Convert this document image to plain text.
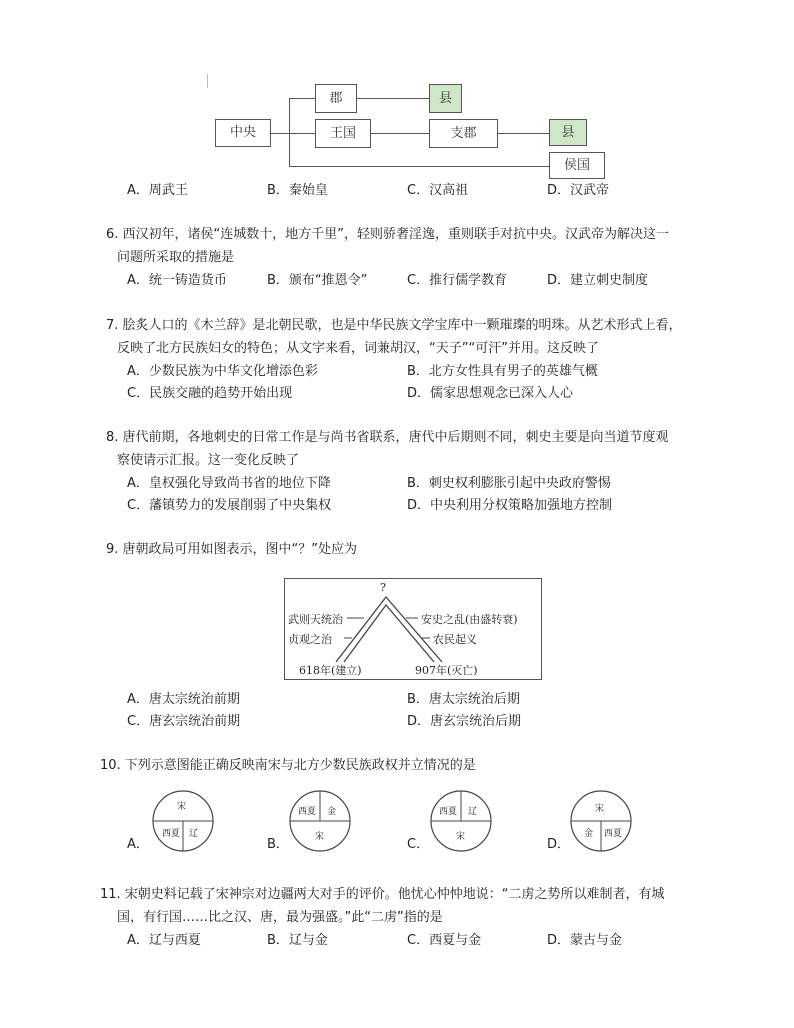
中央
郡	县
王国	支郡	县
侯国
A．周武王	B．秦始皇	C．汉高祖	D．汉武帝
6. 西汉初年，诸侯“连城数十，地方千里”，轻则骄奢淫逸，重则联手对抗中央。汉武帝为解决这一
问题所采取的措施是
A．统一铸造货币	B．颁布“推恩令”	C．推行儒学教育	D．建立刺史制度
7. 脍炙人口的《木兰辞》是北朝民歌，也是中华民族文学宝库中一颗璀璨的明珠。从艺术形式上看，
反映了北方民族妇女的特色；从文字来看，词兼胡汉，“天子”“可汗”并用。这反映了
A．少数民族为中华文化增添色彩	B．北方女性具有男子的英雄气概
C．民族交融的趋势开始出现	D．儒家思想观念已深入人心
8. 唐代前期，各地刺史的日常工作是与尚书省联系，唐代中后期则不同，刺史主要是向当道节度观
察使请示汇报。这一变化反映了
A．皇权强化导致尚书省的地位下降	B．刺史权利膨胀引起中央政府警惕
C．藩镇势力的发展削弱了中央集权	D．中央利用分权策略加强地方控制
9. 唐朝政局可用如图表示，图中“？”处应为
?
武则天统治
贞观之治
安史之乱(由盛转衰)
农民起义
618年(建立)	907年(灭亡)
A．唐太宗统治前期	B．唐太宗统治后期
C．唐玄宗统治前期	D．唐玄宗统治后期
10. 下列示意图能正确反映南宋与北方少数民族政权并立情况的是
A．	B．	C．	D．
宋
西夏 辽
西夏 金
宋
西夏 辽
宋
宋
金 西夏
11. 宋朝史料记载了宋神宗对边疆两大对手的评价。他忧心忡忡地说：“二虏之势所以难制者，有城
国，有行国……比之汉、唐，最为强盛。”此“二虏”指的是
A．辽与西夏	B．辽与金	C．西夏与金	D．蒙古与金
